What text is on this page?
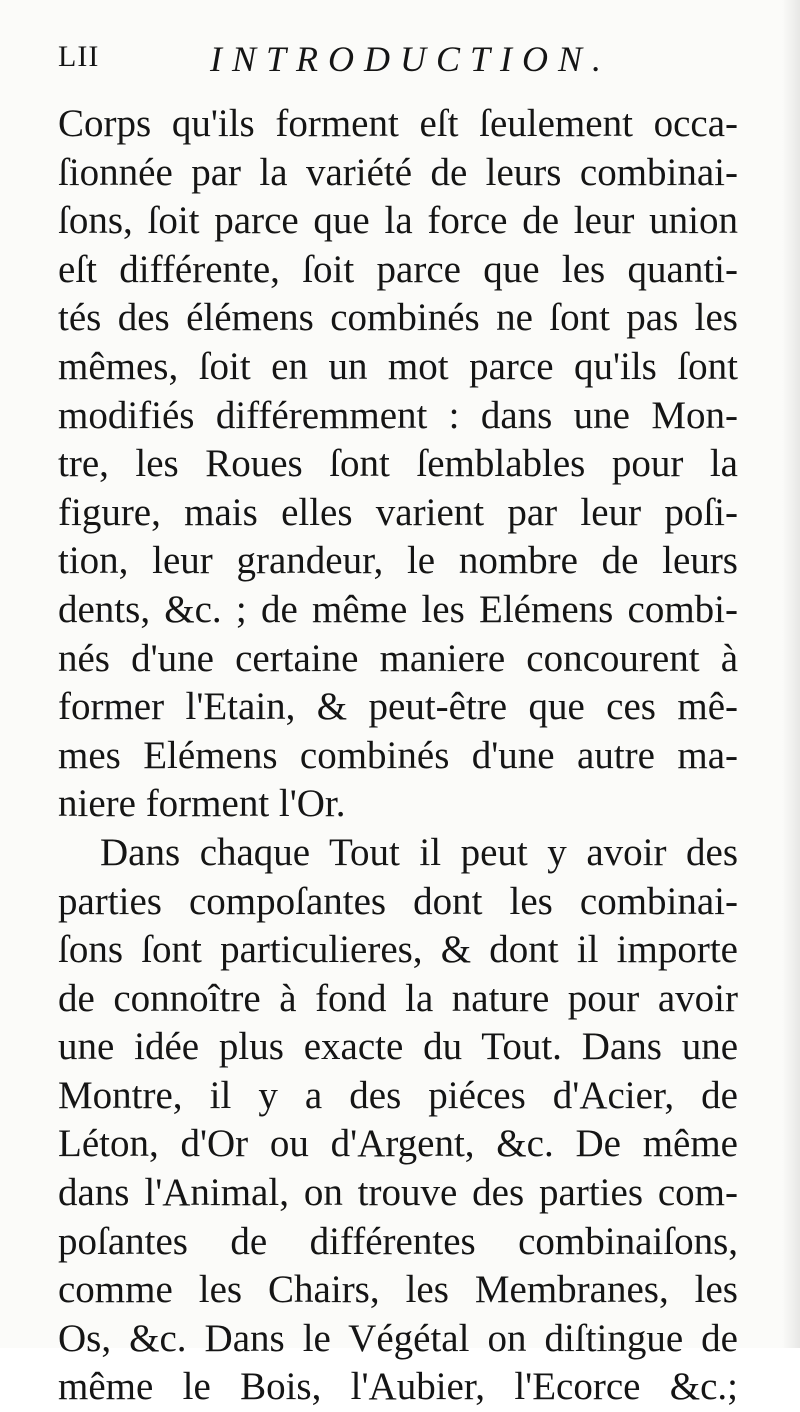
LII	INTRODUCTION.
Corps qu'ils forment eſt ſeulement occa-
ſionnée par la variété de leurs combinai-
ſons, ſoit parce que la force de leur union
eſt différente, ſoit parce que les quanti-
tés des élémens combinés ne ſont pas les
mêmes, ſoit en un mot parce qu'ils ſont
modifiés différemment : dans une Mon-
tre, les Roues ſont ſemblables pour la
figure, mais elles varient par leur poſi-
tion, leur grandeur, le nombre de leurs
dents, &c. ; de même les Elémens combi-
nés d'une certaine maniere concourent à
former l'Etain, & peut-être que ces mê-
mes Elémens combinés d'une autre ma-
niere forment l'Or.
Dans chaque Tout il peut y avoir des
parties compoſantes dont les combinai-
ſons ſont particulieres, & dont il importe
de connoître à fond la nature pour avoir
une idée plus exacte du Tout. Dans une
Montre, il y a des piéces d'Acier, de
Léton, d'Or ou d'Argent, &c. De même
dans l'Animal, on trouve des parties com-
poſantes de différentes combinaiſons,
comme les Chairs, les Membranes, les
Os, &c. Dans le Végétal on diſtingue de
même le Bois, l'Aubier, l'Ecorce &c.;
